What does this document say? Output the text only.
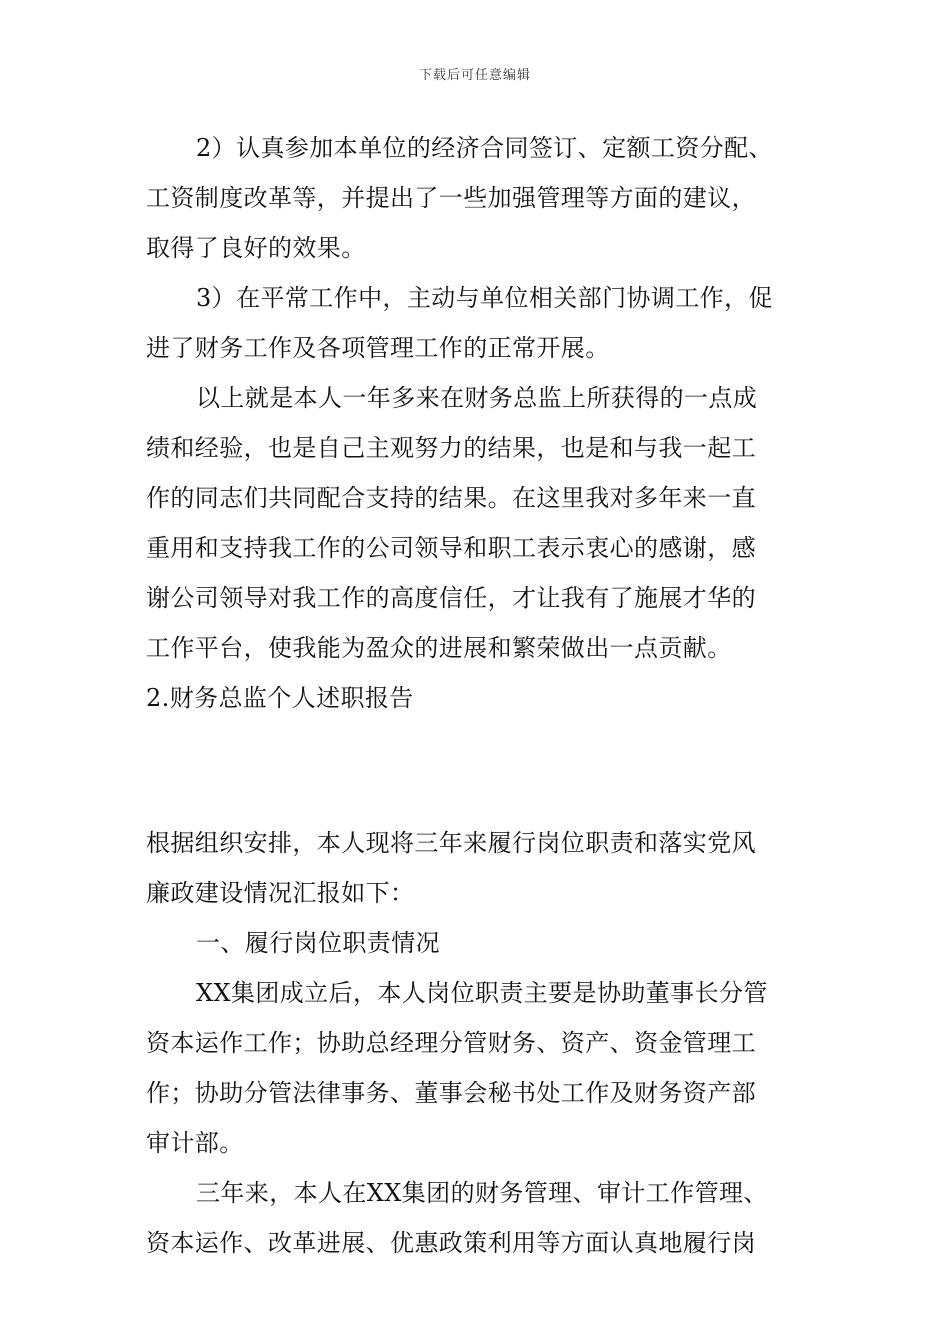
下载后可任意编辑
2）认真参加本单位的经济合同签订、定额工资分配、
工资制度改革等，并提出了一些加强管理等方面的建议，
取得了良好的效果。
3）在平常工作中，主动与单位相关部门协调工作，促
进了财务工作及各项管理工作的正常开展。
以上就是本人一年多来在财务总监上所获得的一点成
绩和经验，也是自己主观努力的结果，也是和与我一起工
作的同志们共同配合支持的结果。在这里我对多年来一直
重用和支持我工作的公司领导和职工表示衷心的感谢，感
谢公司领导对我工作的高度信任，才让我有了施展才华的
工作平台，使我能为盈众的进展和繁荣做出一点贡献。
2.财务总监个人述职报告
根据组织安排，本人现将三年来履行岗位职责和落实党风
廉政建设情况汇报如下：
一、履行岗位职责情况
XX集团成立后，本人岗位职责主要是协助董事长分管
资本运作工作；协助总经理分管财务、资产、资金管理工
作；协助分管法律事务、董事会秘书处工作及财务资产部
审计部。
三年来，本人在XX集团的财务管理、审计工作管理、
资本运作、改革进展、优惠政策利用等方面认真地履行岗
